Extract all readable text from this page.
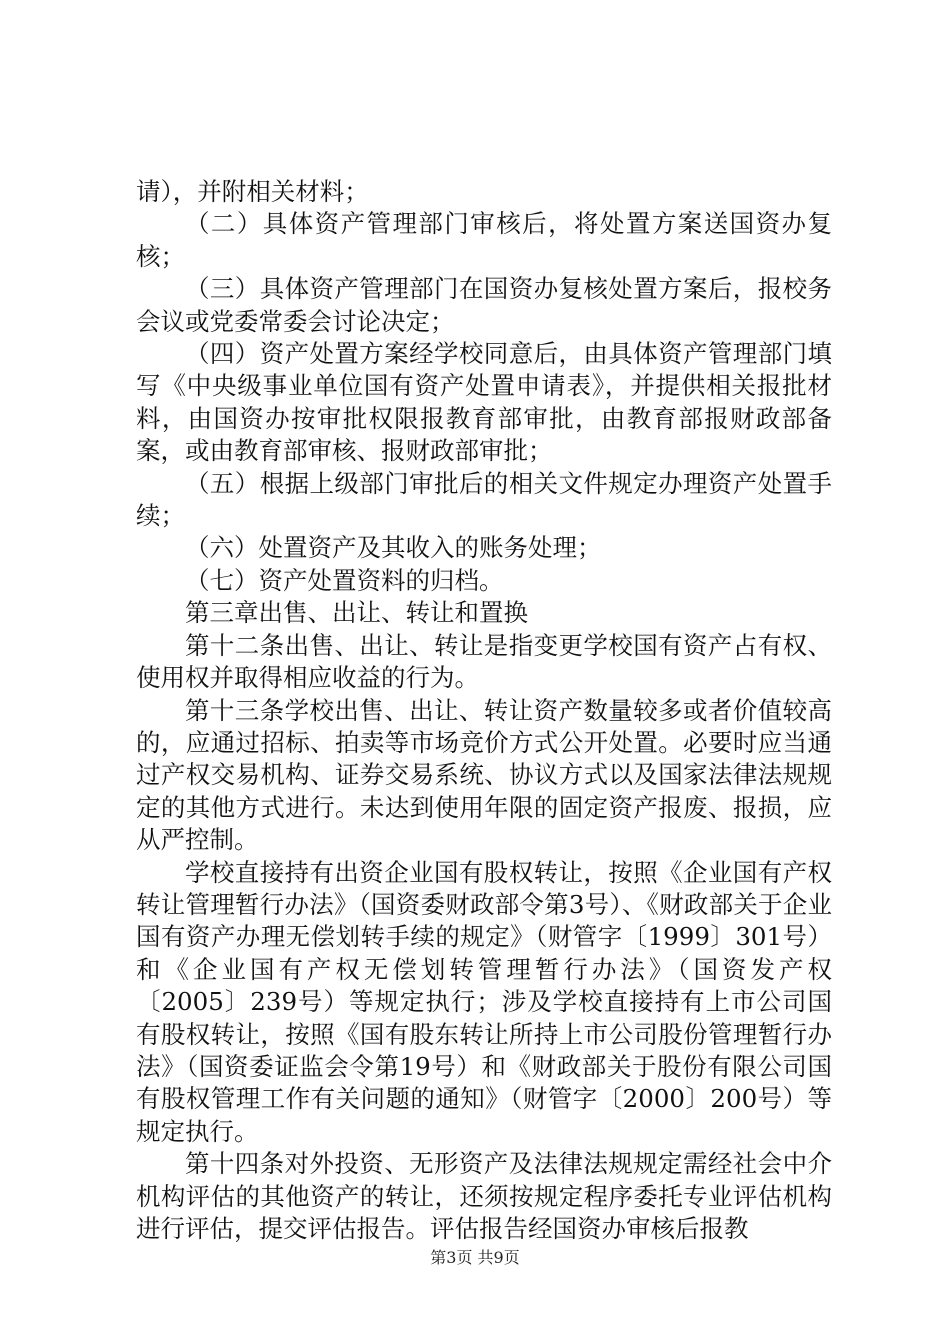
请），并附相关材料；

（二）具体资产管理部门审核后，将处置方案送国资办复核；

（三）具体资产管理部门在国资办复核处置方案后，报校务会议或党委常委会讨论决定；

（四）资产处置方案经学校同意后，由具体资产管理部门填写《中央级事业单位国有资产处置申请表》，并提供相关报批材料，由国资办按审批权限报教育部审批，由教育部报财政部备案，或由教育部审核、报财政部审批；

（五）根据上级部门审批后的相关文件规定办理资产处置手续；

（六）处置资产及其收入的账务处理；

（七）资产处置资料的归档。

第三章出售、出让、转让和置换

第十二条出售、出让、转让是指变更学校国有资产占有权、使用权并取得相应收益的行为。

第十三条学校出售、出让、转让资产数量较多或者价值较高的，应通过招标、拍卖等市场竞价方式公开处置。必要时应当通过产权交易机构、证券交易系统、协议方式以及国家法律法规规定的其他方式进行。未达到使用年限的固定资产报废、报损，应从严控制。

学校直接持有出资企业国有股权转让，按照《企业国有产权转让管理暂行办法》（国资委财政部令第3号）、《财政部关于企业国有资产办理无偿划转手续的规定》（财管字〔1999〕301号）和《企业国有产权无偿划转管理暂行办法》（国资发产权〔2005〕239号）等规定执行；涉及学校直接持有上市公司国有股权转让，按照《国有股东转让所持上市公司股份管理暂行办法》（国资委证监会令第19号）和《财政部关于股份有限公司国有股权管理工作有关问题的通知》（财管字〔2000〕200号）等规定执行。

第十四条对外投资、无形资产及法律法规规定需经社会中介机构评估的其他资产的转让，还须按规定程序委托专业评估机构进行评估，提交评估报告。评估报告经国资办审核后报教

第3页 共9页
